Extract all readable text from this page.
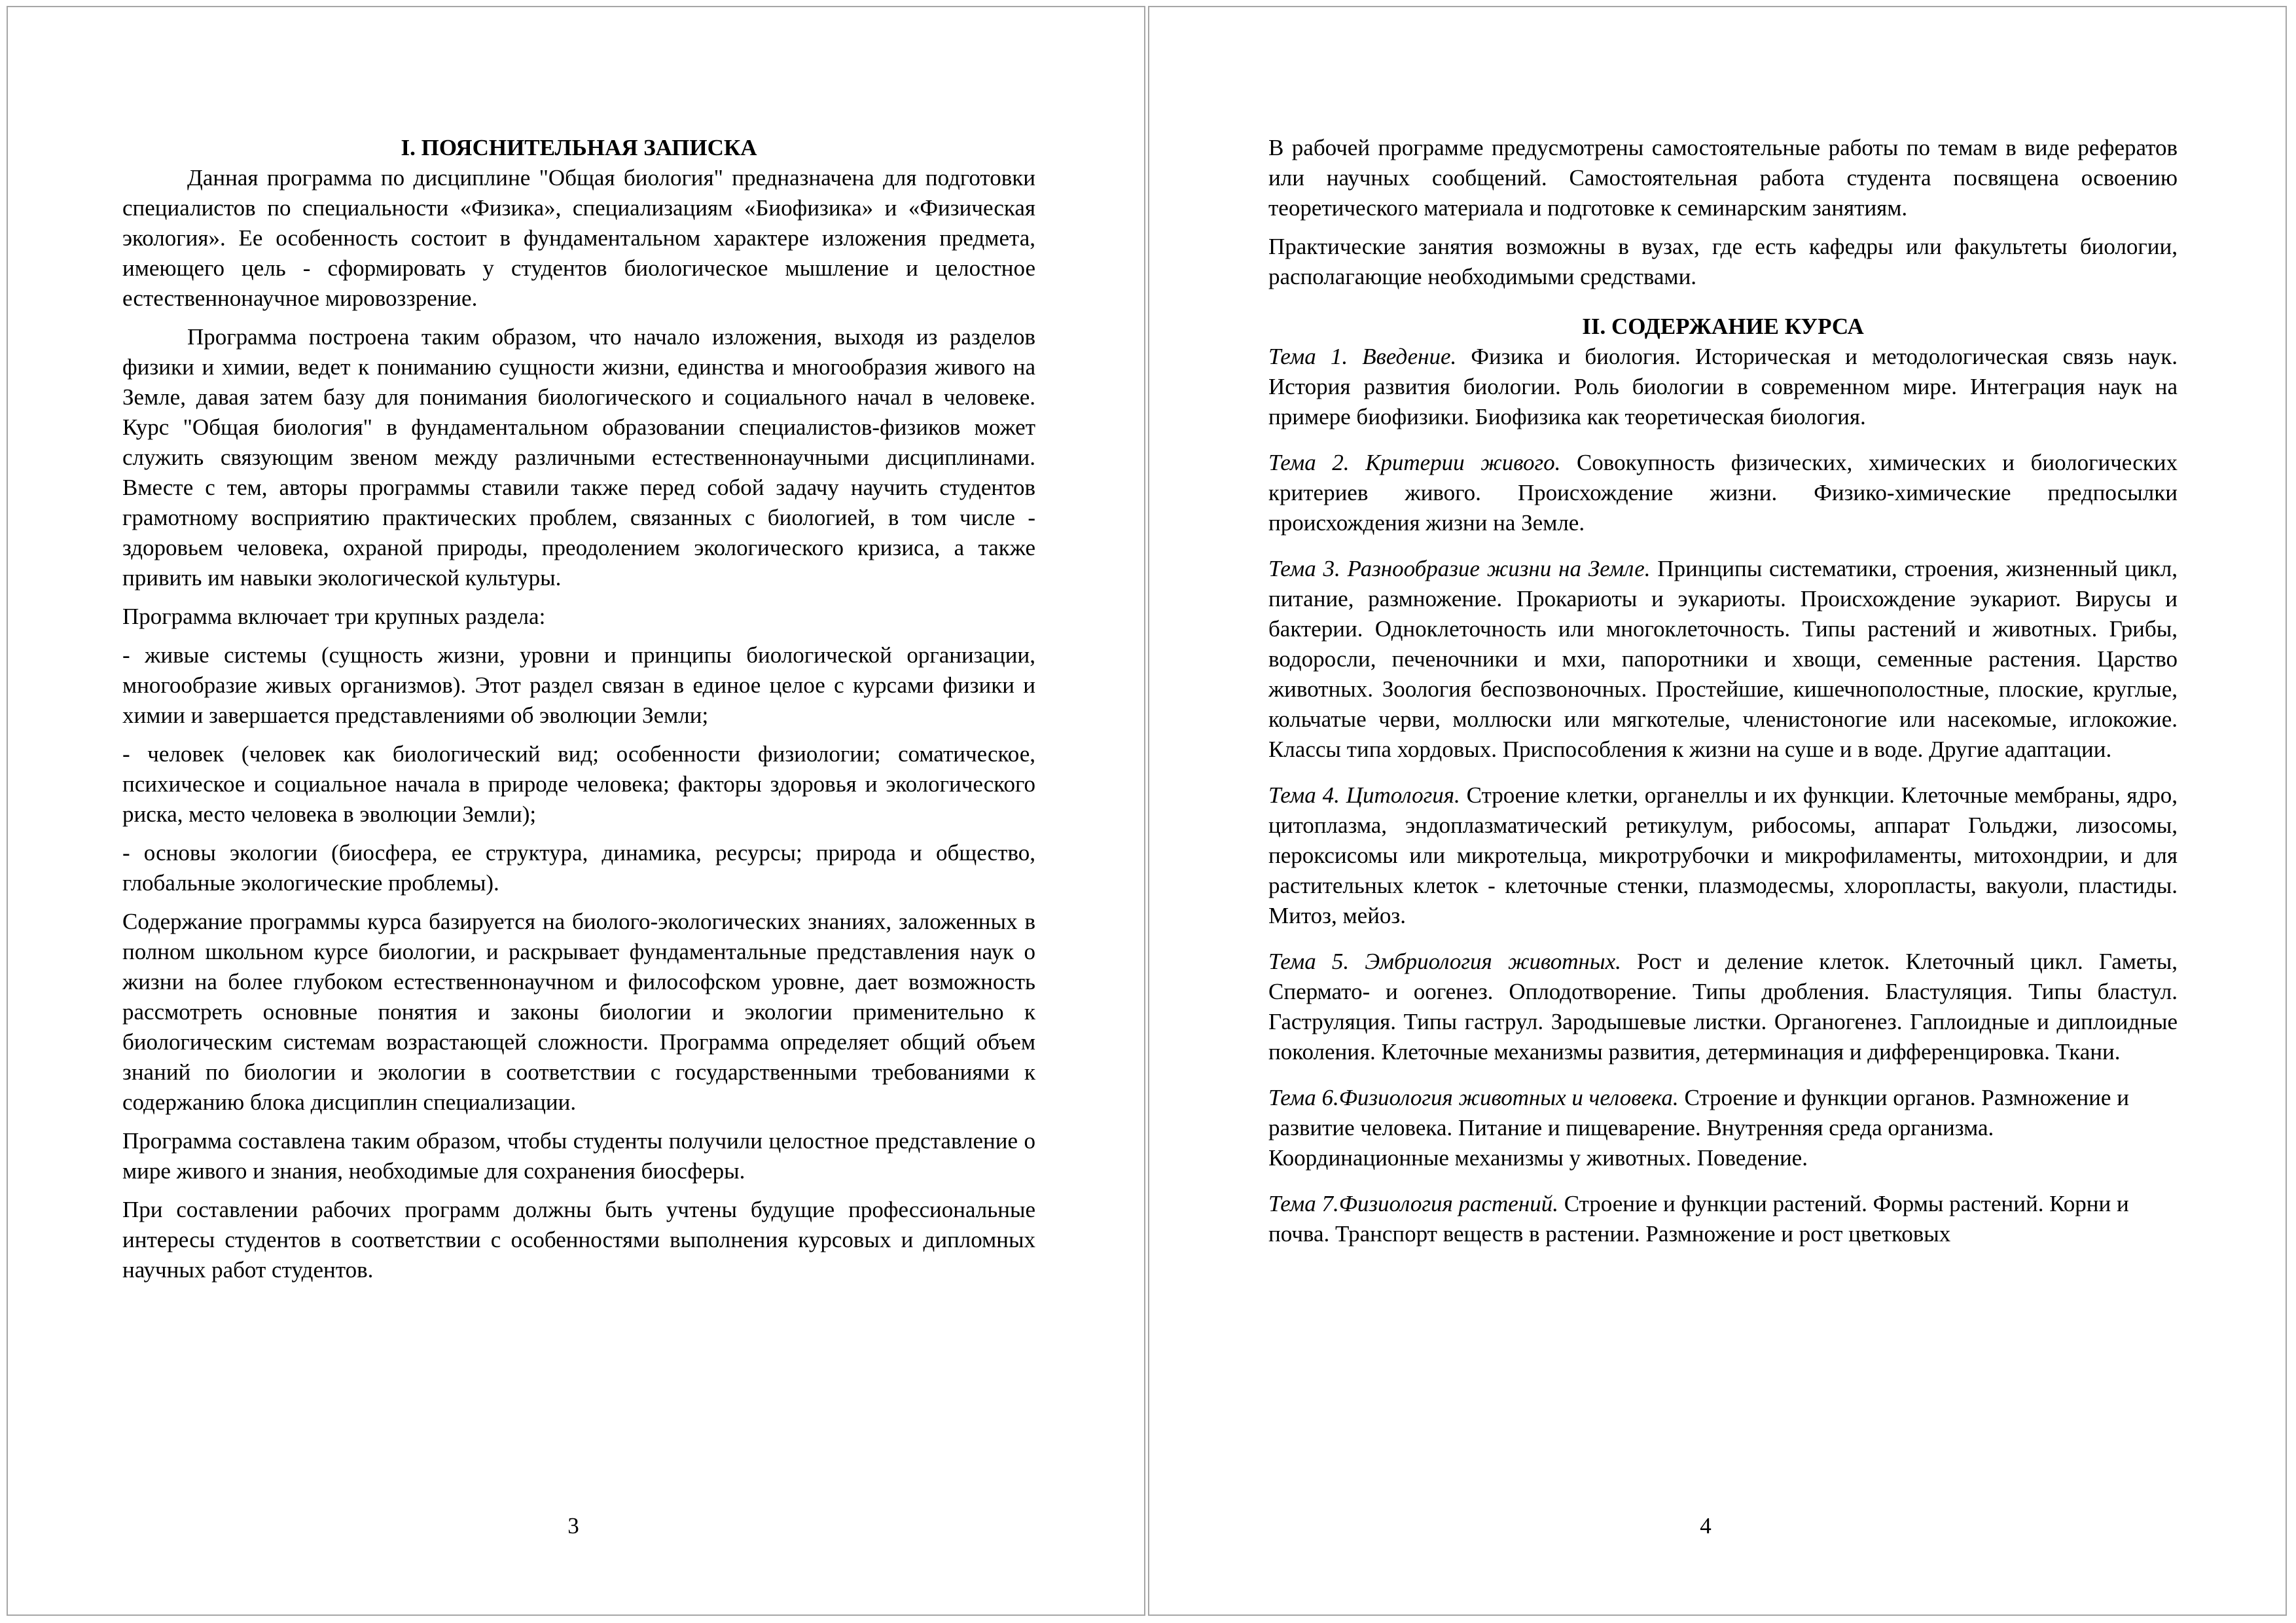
I. ПОЯСНИТЕЛЬНАЯ ЗАПИСКА

Данная программа по дисциплине "Общая биология" предназначена для подготовки специалистов по специальности «Физика», специализациям «Биофизика» и «Физическая экология». Ее особенность состоит в фундаментальном характере изложения предмета, имеющего цель - сформировать у студентов биологическое мышление и целостное естественнонаучное мировоззрение.

Программа построена таким образом, что начало изложения, выходя из разделов физики и химии, ведет к пониманию сущности жизни, единства и многообразия живого на Земле, давая затем базу для понимания биологического и социального начал в человеке. Курс "Общая биология" в фундаментальном образовании специалистов-физиков может служить связующим звеном между различными естественнонаучными дисциплинами. Вместе с тем, авторы программы ставили также перед собой задачу научить студентов грамотному восприятию практических проблем, связанных с биологией, в том числе - здоровьем человека, охраной природы, преодолением экологического кризиса, а также привить им навыки экологической культуры.

Программа включает три крупных раздела:

- живые системы (сущность жизни, уровни и принципы биологической организации, многообразие живых организмов). Этот раздел связан в единое целое с курсами физики и химии и завершается представлениями об эволюции Земли;

- человек (человек как биологический вид; особенности физиологии; соматическое, психическое и социальное начала в природе человека; факторы здоровья и экологического риска, место человека в эволюции Земли);

- основы экологии (биосфера, ее структура, динамика, ресурсы; природа и общество, глобальные экологические проблемы).

Содержание программы курса базируется на биолого-экологических знаниях, заложенных в полном школьном курсе биологии, и раскрывает фундаментальные представления наук о жизни на более глубоком естественнонаучном и философском уровне, дает возможность рассмотреть основные понятия и законы биологии и экологии применительно к биологическим системам возрастающей сложности. Программа определяет общий объем знаний по биологии и экологии в соответствии с государственными требованиями к содержанию блока дисциплин специализации.

Программа составлена таким образом, чтобы студенты получили целостное представление о мире живого и знания, необходимые для сохранения биосферы.

При составлении рабочих программ должны быть учтены будущие профессиональные интересы студентов в соответствии с особенностями выполнения курсовых и дипломных научных работ студентов.

3

В рабочей программе предусмотрены самостоятельные работы по темам в виде рефератов или научных сообщений. Самостоятельная работа студента посвящена освоению теоретического материала и подготовке к семинарским занятиям.

Практические занятия возможны в вузах, где есть кафедры или факультеты биологии, располагающие необходимыми средствами.

II. СОДЕРЖАНИЕ КУРСА

Тема 1. Введение. Физика и биология. Историческая и методологическая связь наук. История развития биологии. Роль биологии в современном мире. Интеграция наук на примере биофизики. Биофизика как теоретическая биология.

Тема 2. Критерии живого. Совокупность физических, химических и биологических критериев живого. Происхождение жизни. Физико-химические предпосылки происхождения жизни на Земле.

Тема 3. Разнообразие жизни на Земле. Принципы систематики, строения, жизненный цикл, питание, размножение. Прокариоты и эукариоты. Происхождение эукариот. Вирусы и бактерии. Одноклеточность или многоклеточность. Типы растений и животных. Грибы, водоросли, печеночники и мхи, папоротники и хвощи, семенные растения. Царство животных. Зоология беспозвоночных. Простейшие, кишечнополостные, плоские, круглые, кольчатые черви, моллюски или мягкотелые, членистоногие или насекомые, иглокожие. Классы типа хордовых. Приспособления к жизни на суше и в воде. Другие адаптации.

Тема 4. Цитология. Строение клетки, органеллы и их функции. Клеточные мембраны, ядро, цитоплазма, эндоплазматический ретикулум, рибосомы, аппарат Гольджи, лизосомы, пероксисомы или микротельца, микротрубочки и микрофиламенты, митохондрии, и для растительных клеток - клеточные стенки, плазмодесмы, хлоропласты, вакуоли, пластиды. Митоз, мейоз.

Тема 5. Эмбриология животных. Рост и деление клеток. Клеточный цикл. Гаметы, Спермато- и оогенез. Оплодотворение. Типы дробления. Бластуляция. Типы бластул. Гаструляция. Типы гаструл. Зародышевые листки. Органогенез. Гаплоидные и диплоидные поколения. Клеточные механизмы развития, детерминация и дифференцировка. Ткани.

Тема 6.Физиология животных и человека. Строение и функции органов. Размножение и развитие человека. Питание и пищеварение. Внутренняя среда организма. Координационные механизмы у животных. Поведение.

Тема 7.Физиология растений. Строение и функции растений. Формы растений. Корни и почва. Транспорт веществ в растении. Размножение и рост цветковых

4
